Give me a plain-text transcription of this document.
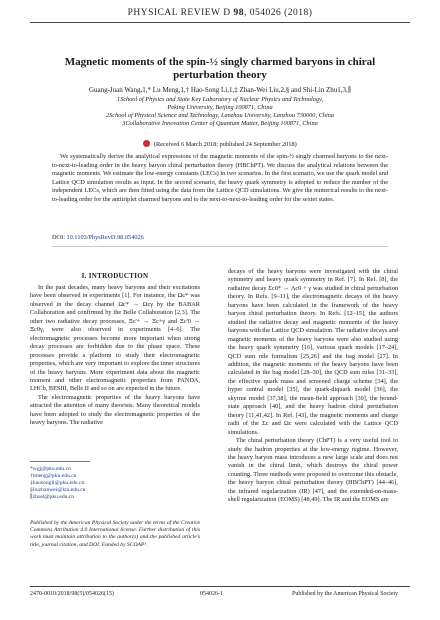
​
PHYSICAL REVIEW D 98, 054026 (2018)
Magnetic moments of the spin-½ singly charmed baryons in chiral perturbation theory
Guang-Juan Wang,1,* Lu Meng,1,† Hao-Song Li,1,‡ Zhan-Wei Liu,2,§ and Shi-Lin Zhu1,3,∥
1School of Physics and State Key Laboratory of Nuclear Physics and Technology,
Peking University, Beijing 100871, China
2School of Physical Science and Technology, Lanzhou University, Lanzhou 730000, China
3Collaborative Innovation Center of Quantum Matter, Beijing 100871, China
(Received 6 March 2018; published 24 September 2018)

We systematically derive the analytical expressions of the magnetic moments of the spin-½ singly charmed baryons to the next-to-next-to-leading order in the heavy baryon chiral perturbation theory (HBChPT). We discuss the analytical relations between the magnetic moments. We estimate the low-energy constants (LECs) in two scenarios. In the first scenario, we use the quark model and Lattice QCD simulation results as input. In the second scenario, the heavy quark symmetry is adopted to reduce the number of the independent LECs, which are then fitted using the data from the Lattice QCD simulations. We give the numerical results to the next-to-leading order for the antitriplet charmed baryons and to the next-to-next-to-leading order for the sextet states.

DOI: 10.1103/PhysRevD.98.054026
I. INTRODUCTION

In the past decades, many heavy baryons and their excitations have been observed in experiments [1]. For instance, the Ωc* was observed in the decay channel Ωc* → Ωcγ by the BABAR Collaboration and confirmed by the Belle Collaboration [2,3]. The other two radiative decay processes, Ξc'+ → Ξc+γ and Ξc'0 → Ξc0γ, were also observed in experiments [4–6]. The electromagnetic processes become more important when strong decay processes are forbidden due to the phase space. These processes provide a platform to study their electromagnetic properties, which are very important to explore the inner structures of the heavy baryons. More experiment data about the magnetic moment and other electromagnetic properties from PANDA, LHCb, BESIII, Belle II and so on are expected in the future.

The electromagnetic properties of the heavy baryons have attracted the attention of many theorists. Many theoretical models have been adopted to study the electromagnetic properties of the heavy baryons. The radiative

*wgj@pku.edu.cn
†lmeng@pku.edu.cn
‡haosongli@pku.edu.cn
§liuzhanwei@lzu.edu.cn
∥zhusl@pku.edu.cn
Published by the American Physical Society under the terms of the Creative Commons Attribution 4.0 International license. Further distribution of this work must maintain attribution to the author(s) and the published article’s title, journal citation, and DOI. Funded by SCOAP³.

decays of the heavy baryons were investigated with the chiral symmetry and heavy quark symmetry in Ref. [7]. In Ref. [8], the radiative decay Σc0* → Λc0 + γ was studied in chiral perturbation theory. In Refs. [9–11], the electromagnetic decays of the heavy baryons have been calculated in the framework of the heavy baryon chiral perturbation theory. In Refs. [12–15], the authors studied the radiative decay and magnetic moments of the heavy baryons with the Lattice QCD simulation. The radiative decays and magnetic moments of the heavy baryons were also studied using the heavy quark symmetry [16], various quark models [17–24], QCD sum rule formalism [25,26] and the bag model [27]. In addition, the magnetic moments of the heavy baryons have been calculated in the bag model [28–30], the QCD sum rules [31–33], the effective quark mass and screened charge scheme [34], the hyper central model [35], the quark-diquark model [36], the skyrme model [37,38], the mean-field approach [39], the bound-state approach [40], and the heavy hadron chiral perturbation theory [11,41,42]. In Ref. [43], the magnetic moments and charge radii of the Σc and Ωc were calculated with the Lattice QCD simulations.

The chiral perturbation theory (ChPT) is a very useful tool to study the hadron properties at the low-energy regime. However, the heavy baryon mass introduces a new large scale and does not vanish in the chiral limit, which destroys the chiral power counting. Three methods were proposed to overcome this obstacle, the heavy baryon chiral perturbation theory (HBChPT) [44–46], the infrared regularization (IR) [47], and the extended-on-mass-shell regularization (EOMS) [48,49]. The IR and the EOMS are

2470-0010/2018/98(5)/054026(15)	054026-1	Published by the American Physical Society
